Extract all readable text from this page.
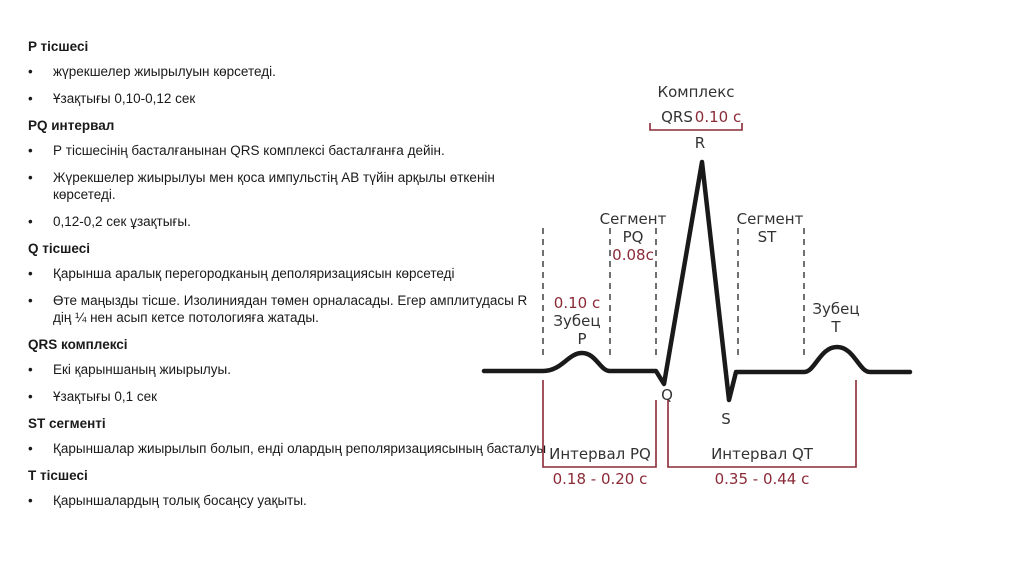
P тісшесі
• жүрекшелер жиырылуын көрсетеді.
• Ұзақтығы 0,10-0,12 сек
PQ интервал
• Р тісшесінің басталғанынан QRS комплексі басталғанға дейін.
• Жүрекшелер жиырылуы мен қоса импульстің АВ түйін арқылы өткенін көрсетеді.
• 0,12-0,2 сек ұзақтығы.
Q тісшесі
• Қарынша аралық перегородканың деполяризациясын көрсетеді
• Өте маңызды тісше. Изолиниядан төмен орналасады. Егер амплитудасы R дің ¼ нен асып кетсе потологияға жатады.
QRS комплексі
• Екі қарыншаның жиырылуы.
• Ұзақтығы 0,1 сек
ST сегменті
• Қарыншалар жиырылып болып, енді олардың реполяризациясының басталуы
Т тісшесі
• Қарыншалардың толық босаңсу уақыты.
Комплекс
QRS 0.10 с
Сегмент
PQ
0.08с
Сегмент
ST
0.10 с
Зубец
P
Зубец
T
R
Q
S
Интервал PQ
0.18 - 0.20 с
Интервал QT
0.35 - 0.44 с
